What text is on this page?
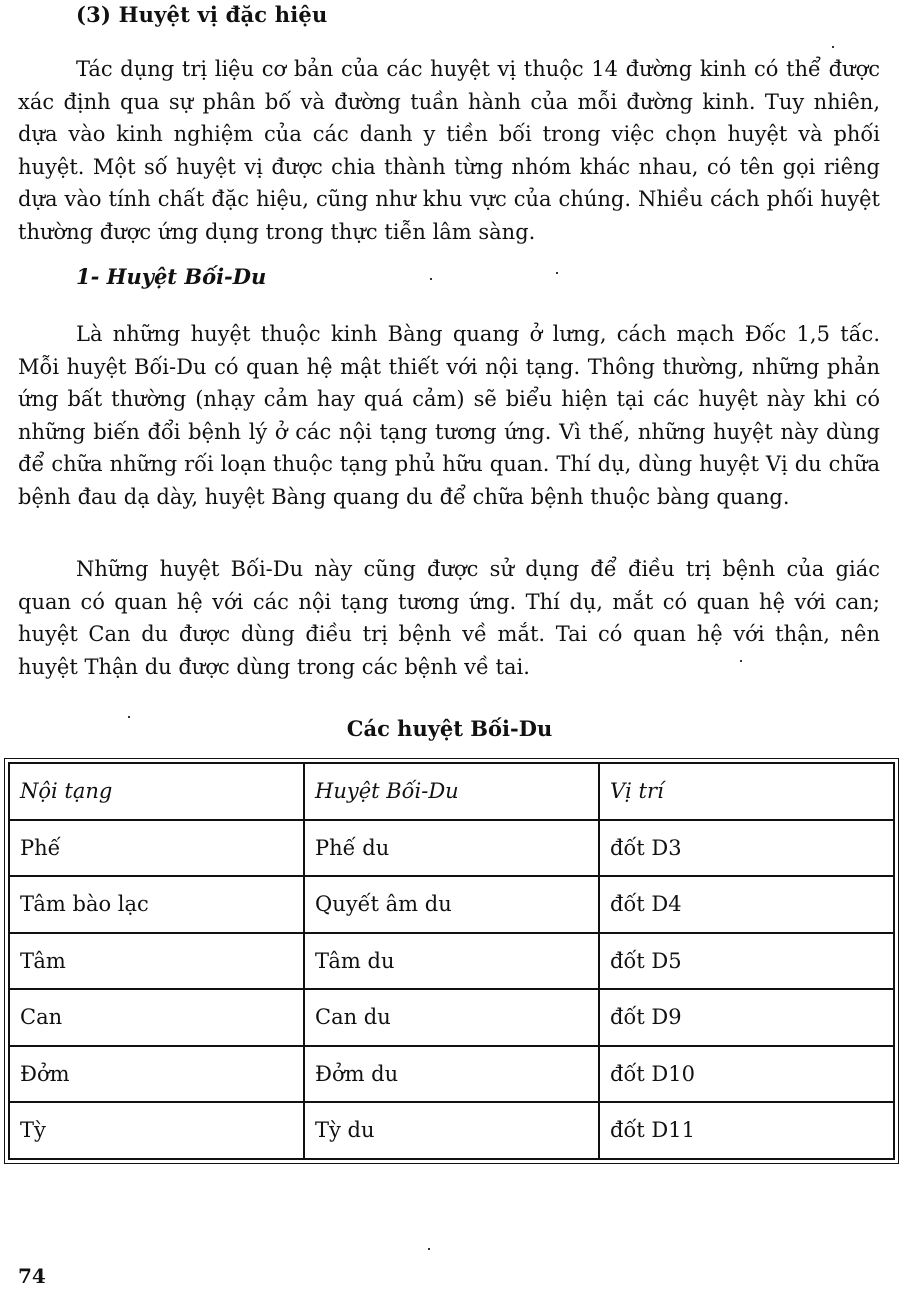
(3) Huyệt vị đặc hiệu

Tác dụng trị liệu cơ bản của các huyệt vị thuộc 14 đường kinh có thể được xác định qua sự phân bố và đường tuần hành của mỗi đường kinh. Tuy nhiên, dựa vào kinh nghiệm của các danh y tiền bối trong việc chọn huyệt và phối huyệt. Một số huyệt vị được chia thành từng nhóm khác nhau, có tên gọi riêng dựa vào tính chất đặc hiệu, cũng như khu vực của chúng. Nhiều cách phối huyệt thường được ứng dụng trong thực tiễn lâm sàng.

1- Huyệt Bối-Du

Là những huyệt thuộc kinh Bàng quang ở lưng, cách mạch Đốc 1,5 tấc. Mỗi huyệt Bối-Du có quan hệ mật thiết với nội tạng. Thông thường, những phản ứng bất thường (nhạy cảm hay quá cảm) sẽ biểu hiện tại các huyệt này khi có những biến đổi bệnh lý ở các nội tạng tương ứng. Vì thế, những huyệt này dùng để chữa những rối loạn thuộc tạng phủ hữu quan. Thí dụ, dùng huyệt Vị du chữa bệnh đau dạ dày, huyệt Bàng quang du để chữa bệnh thuộc bàng quang.

Những huyệt Bối-Du này cũng được sử dụng để điều trị bệnh của giác quan có quan hệ với các nội tạng tương ứng. Thí dụ, mắt có quan hệ với can; huyệt Can du được dùng điều trị bệnh về mắt. Tai có quan hệ với thận, nên huyệt Thận du được dùng trong các bệnh về tai.

Các huyệt Bối-Du
Nội tạng	Huyệt Bối-Du	Vị trí
Phế	Phế du	đốt D3
Tâm bào lạc	Quyết âm du	đốt D4
Tâm	Tâm du	đốt D5
Can	Can du	đốt D9
Đởm	Đởm du	đốt D10
Tỳ	Tỳ du	đốt D11
74
